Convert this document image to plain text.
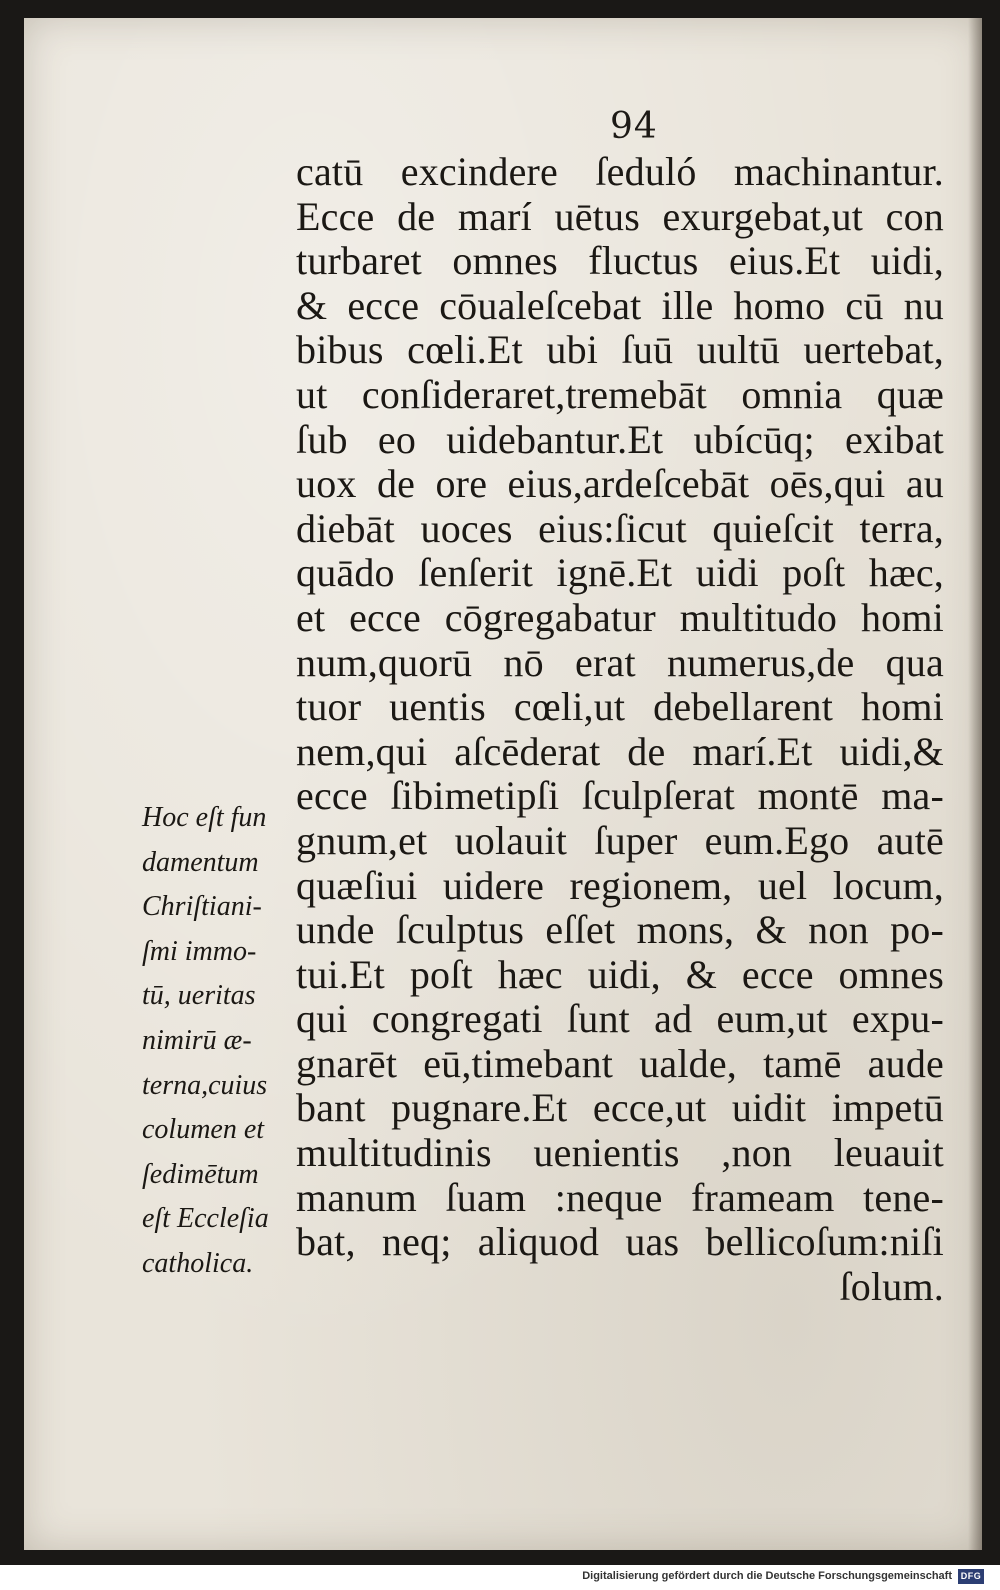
94
catū excindere ſeduló machinantur.
Ecce de marí uētus exurgebat,ut con
turbaret omnes fluctus eius.Et uidi,
& ecce cōualeſcebat ille homo cū nu
bibus cœli.Et ubi ſuū uultū uertebat,
ut conſideraret,tremebāt omnia quæ
ſub eo uidebantur.Et ubícūq; exibat
uox de ore eius,ardeſcebāt oēs,qui au
diebāt uoces eius:ſicut quieſcit terra,
quādo ſenſerit ignē.Et uidi poſt hæc,
et ecce cōgregabatur multitudo homi
num,quorū nō erat numerus,de qua
tuor uentis cœli,ut debellarent homi
nem,qui aſcēderat de marí.Et uidi,&
ecce ſibimetipſi ſculpſerat montē ma-
gnum,et uolauit ſuper eum.Ego autē
quæſiui uidere regionem, uel locum,
unde ſculptus eſſet mons, & non po-
tui.Et poſt hæc uidi, & ecce omnes
qui congregati ſunt ad eum,ut expu-
gnarēt eū,timebant ualde, tamē aude
bant pugnare.Et ecce,ut uidit impetū
multitudinis uenientis ,non leuauit
manum ſuam :neque frameam tene-
bat, neq; aliquod uas bellicoſum:niſi
ſolum.
Hoc eſt fun
damentum
Chriſtiani-
ſmi immo-
tū, ueritas
nimirū æ-
terna,cuius
columen et
ſedimētum
eſt Eccleſia
catholica.
Digitalisierung gefördert durch die Deutsche Forschungsgemeinschaft DFG
